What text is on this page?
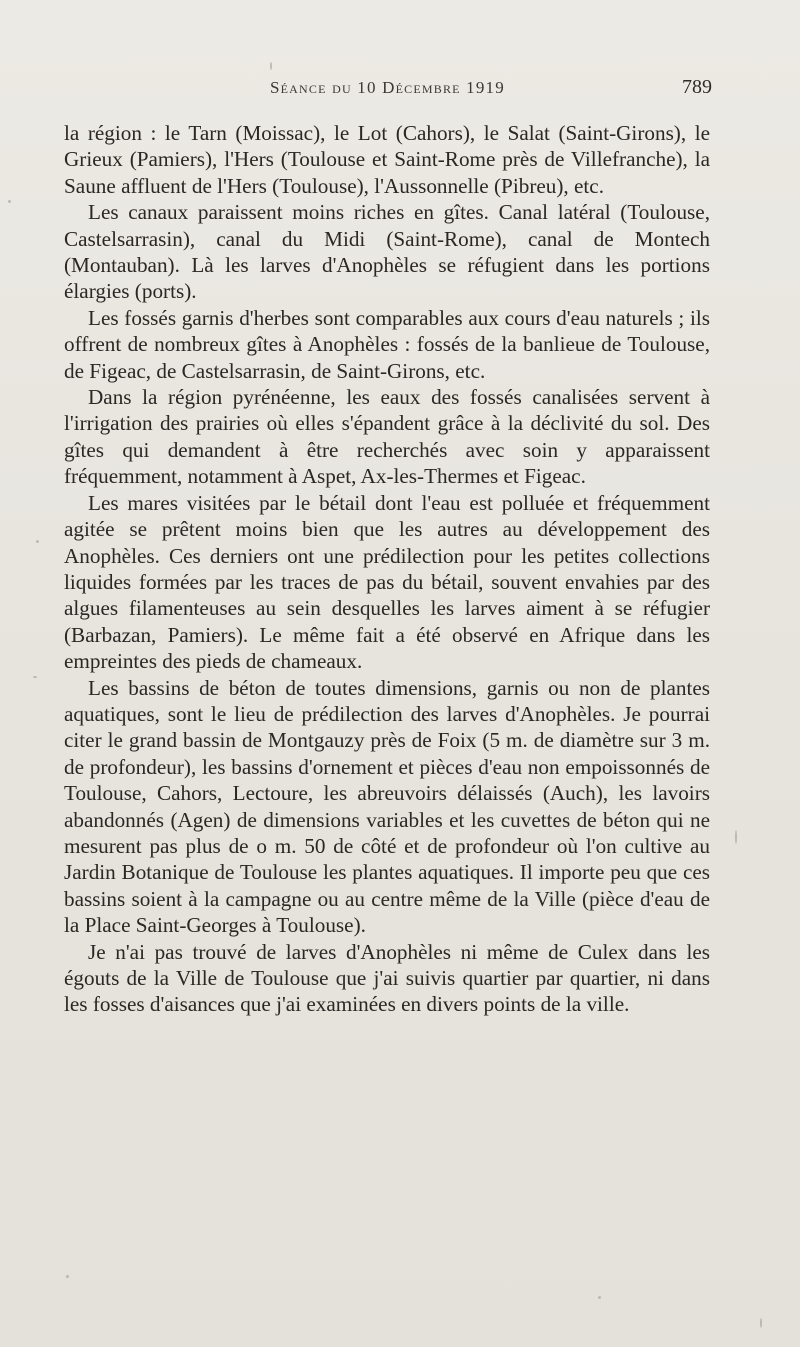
Séance du 10 Décembre 1919	789

la région : le Tarn (Moissac), le Lot (Cahors), le Salat (Saint-Girons), le Grieux (Pamiers), l'Hers (Toulouse et Saint-Rome près de Villefranche), la Saune affluent de l'Hers (Toulouse), l'Aussonnelle (Pibreu), etc.

Les canaux paraissent moins riches en gîtes. Canal latéral (Toulouse, Castelsarrasin), canal du Midi (Saint-Rome), canal de Montech (Montauban). Là les larves d'Anophèles se réfugient dans les portions élargies (ports).

Les fossés garnis d'herbes sont comparables aux cours d'eau naturels ; ils offrent de nombreux gîtes à Anophèles : fossés de la banlieue de Toulouse, de Figeac, de Castelsarrasin, de Saint-Girons, etc.

Dans la région pyrénéenne, les eaux des fossés canalisées servent à l'irrigation des prairies où elles s'épandent grâce à la déclivité du sol. Des gîtes qui demandent à être recherchés avec soin y apparaissent fréquemment, notamment à Aspet, Ax-les-Thermes et Figeac.

Les mares visitées par le bétail dont l'eau est polluée et fréquemment agitée se prêtent moins bien que les autres au développement des Anophèles. Ces derniers ont une prédilection pour les petites collections liquides formées par les traces de pas du bétail, souvent envahies par des algues filamenteuses au sein desquelles les larves aiment à se réfugier (Barbazan, Pamiers). Le même fait a été observé en Afrique dans les empreintes des pieds de chameaux.

Les bassins de béton de toutes dimensions, garnis ou non de plantes aquatiques, sont le lieu de prédilection des larves d'Anophèles. Je pourrai citer le grand bassin de Montgauzy près de Foix (5 m. de diamètre sur 3 m. de profondeur), les bassins d'ornement et pièces d'eau non empoissonnés de Toulouse, Cahors, Lectoure, les abreuvoirs délaissés (Auch), les lavoirs abandonnés (Agen) de dimensions variables et les cuvettes de béton qui ne mesurent pas plus de o m. 50 de côté et de profondeur où l'on cultive au Jardin Botanique de Toulouse les plantes aquatiques. Il importe peu que ces bassins soient à la campagne ou au centre même de la Ville (pièce d'eau de la Place Saint-Georges à Toulouse).

Je n'ai pas trouvé de larves d'Anophèles ni même de Culex dans les égouts de la Ville de Toulouse que j'ai suivis quartier par quartier, ni dans les fosses d'aisances que j'ai examinées en divers points de la ville.
